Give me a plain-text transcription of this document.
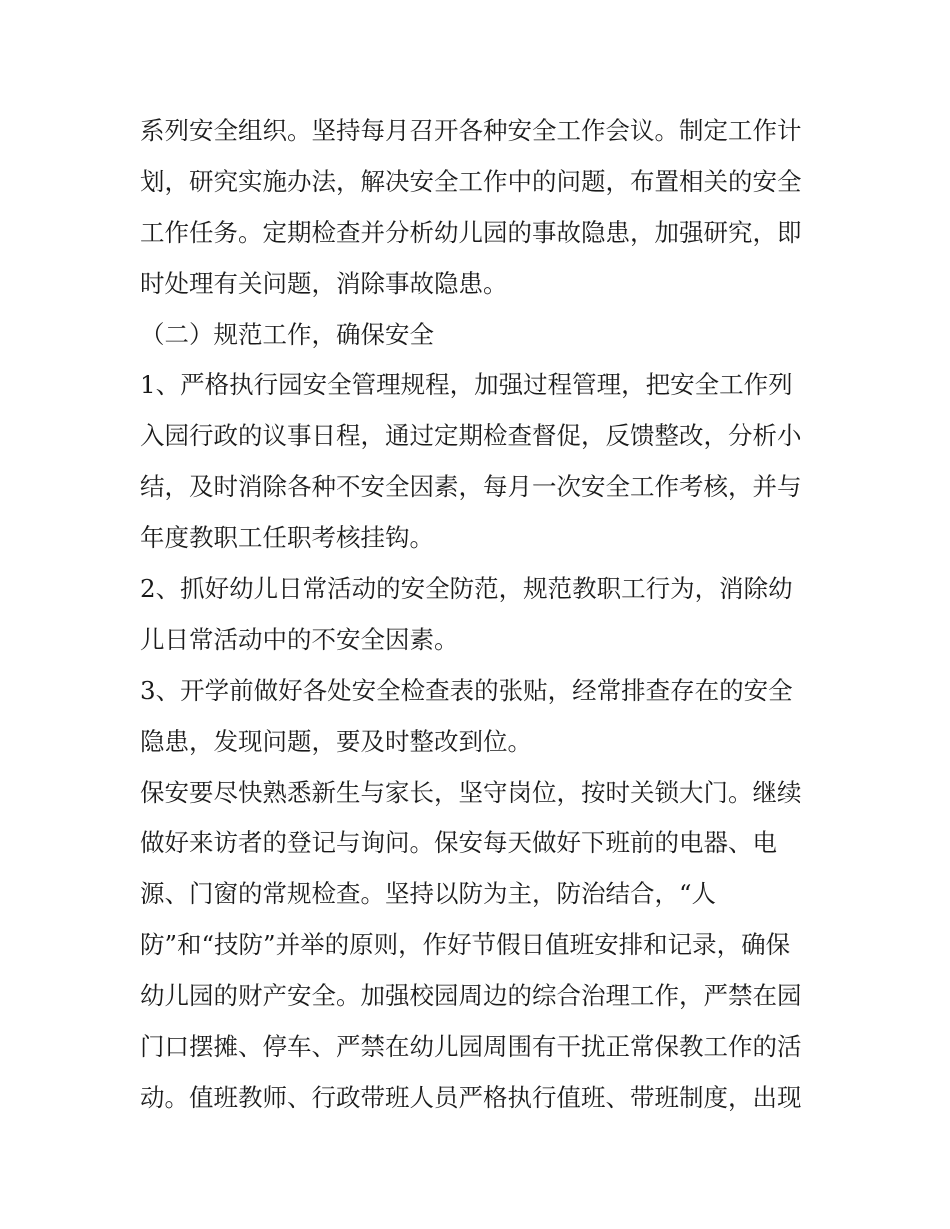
系列安全组织。坚持每月召开各种安全工作会议。制定工作计
划，研究实施办法，解决安全工作中的问题，布置相关的安全
工作任务。定期检查并分析幼儿园的事故隐患，加强研究，即
时处理有关问题，消除事故隐患。
（二）规范工作，确保安全
1、严格执行园安全管理规程，加强过程管理，把安全工作列
入园行政的议事日程，通过定期检查督促，反馈整改，分析小
结，及时消除各种不安全因素，每月一次安全工作考核，并与
年度教职工任职考核挂钩。
2、抓好幼儿日常活动的安全防范，规范教职工行为，消除幼
儿日常活动中的不安全因素。
3、开学前做好各处安全检查表的张贴，经常排查存在的安全
隐患，发现问题，要及时整改到位。
保安要尽快熟悉新生与家长，坚守岗位，按时关锁大门。继续
做好来访者的登记与询问。保安每天做好下班前的电器、电
源、门窗的常规检查。坚持以防为主，防治结合，“人
防”和“技防”并举的原则，作好节假日值班安排和记录，确保
幼儿园的财产安全。加强校园周边的综合治理工作，严禁在园
门口摆摊、停车、严禁在幼儿园周围有干扰正常保教工作的活
动。值班教师、行政带班人员严格执行值班、带班制度，出现
